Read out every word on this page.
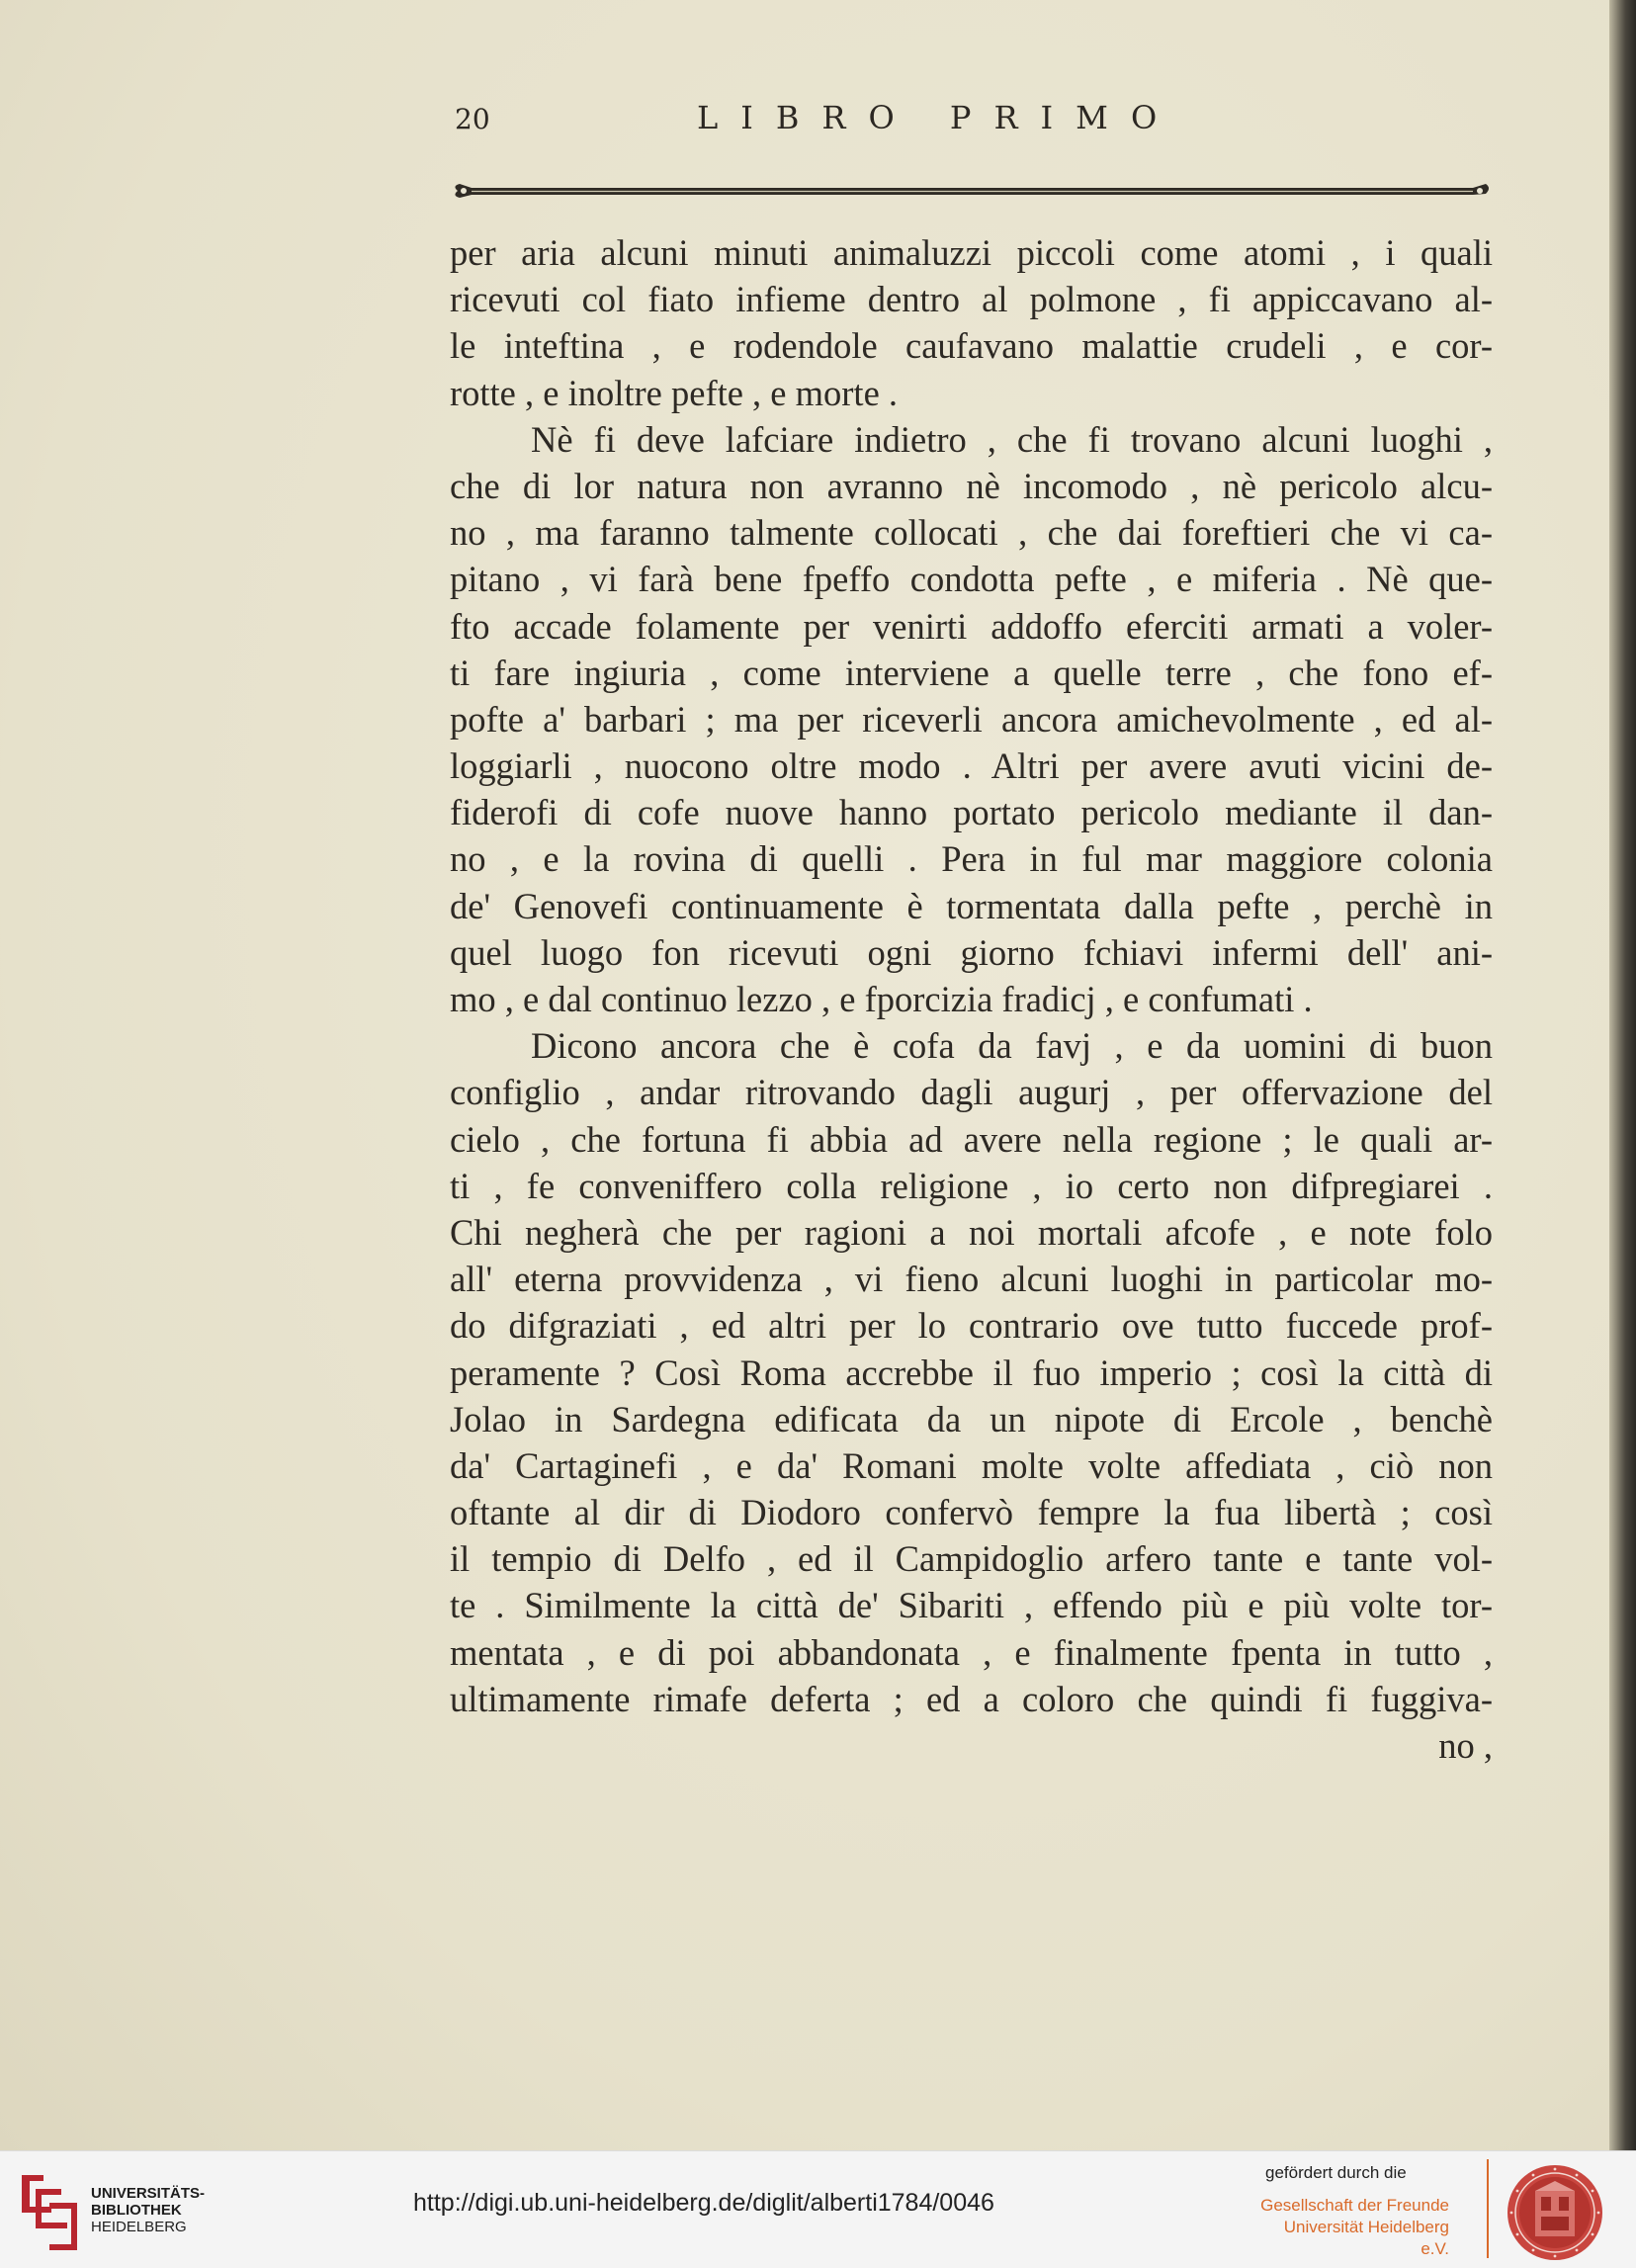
20	LIBRO PRIMO
per aria alcuni minuti animaluzzi piccoli come atomi , i quali
ricevuti col fiato infieme dentro al polmone , fi appiccavano al-
le inteftina , e rodendole caufavano malattie crudeli , e cor-
rotte , e inoltre pefte , e morte .
Nè fi deve lafciare indietro , che fi trovano alcuni luoghi ,
che di lor natura non avranno nè incomodo , nè pericolo alcu-
no , ma faranno talmente collocati , che dai foreftieri che vi ca-
pitano , vi farà bene fpeffo condotta pefte , e miferia . Nè que-
fto accade folamente per venirti addoffo eferciti armati a voler-
ti fare ingiuria , come interviene a quelle terre , che fono ef-
pofte a' barbari ; ma per riceverli ancora amichevolmente , ed al-
loggiarli , nuocono oltre modo . Altri per avere avuti vicini de-
fiderofi di cofe nuove hanno portato pericolo mediante il dan-
no , e la rovina di quelli . Pera in ful mar maggiore colonia
de' Genovefi continuamente è tormentata dalla pefte , perchè in
quel luogo fon ricevuti ogni giorno fchiavi infermi dell' ani-
mo , e dal continuo lezzo , e fporcizia fradicj , e confumati .
Dicono ancora che è cofa da favj , e da uomini di buon
configlio , andar ritrovando dagli augurj , per offervazione del
cielo , che fortuna fi abbia ad avere nella regione ; le quali ar-
ti , fe conveniffero colla religione , io certo non difpregiarei .
Chi negherà che per ragioni a noi mortali afcofe , e note folo
all' eterna provvidenza , vi fieno alcuni luoghi in particolar mo-
do difgraziati , ed altri per lo contrario ove tutto fuccede prof-
peramente ? Così Roma accrebbe il fuo imperio ; così la città di
Jolao in Sardegna edificata da un nipote di Ercole , benchè
da' Cartaginefi , e da' Romani molte volte affediata , ciò non
oftante al dir di Diodoro confervò fempre la fua libertà ; così
il tempio di Delfo , ed il Campidoglio arfero tante e tante vol-
te . Similmente la città de' Sibariti , effendo più e più volte tor-
mentata , e di poi abbandonata , e finalmente fpenta in tutto ,
ultimamente rimafe deferta ; ed a coloro che quindi fi fuggiva-
no ,
UNIVERSITÄTS-
BIBLIOTHEK
HEIDELBERG
http://digi.ub.uni-heidelberg.de/diglit/alberti1784/0046
gefördert durch die
Gesellschaft der Freunde
Universität Heidelberg e.V.
